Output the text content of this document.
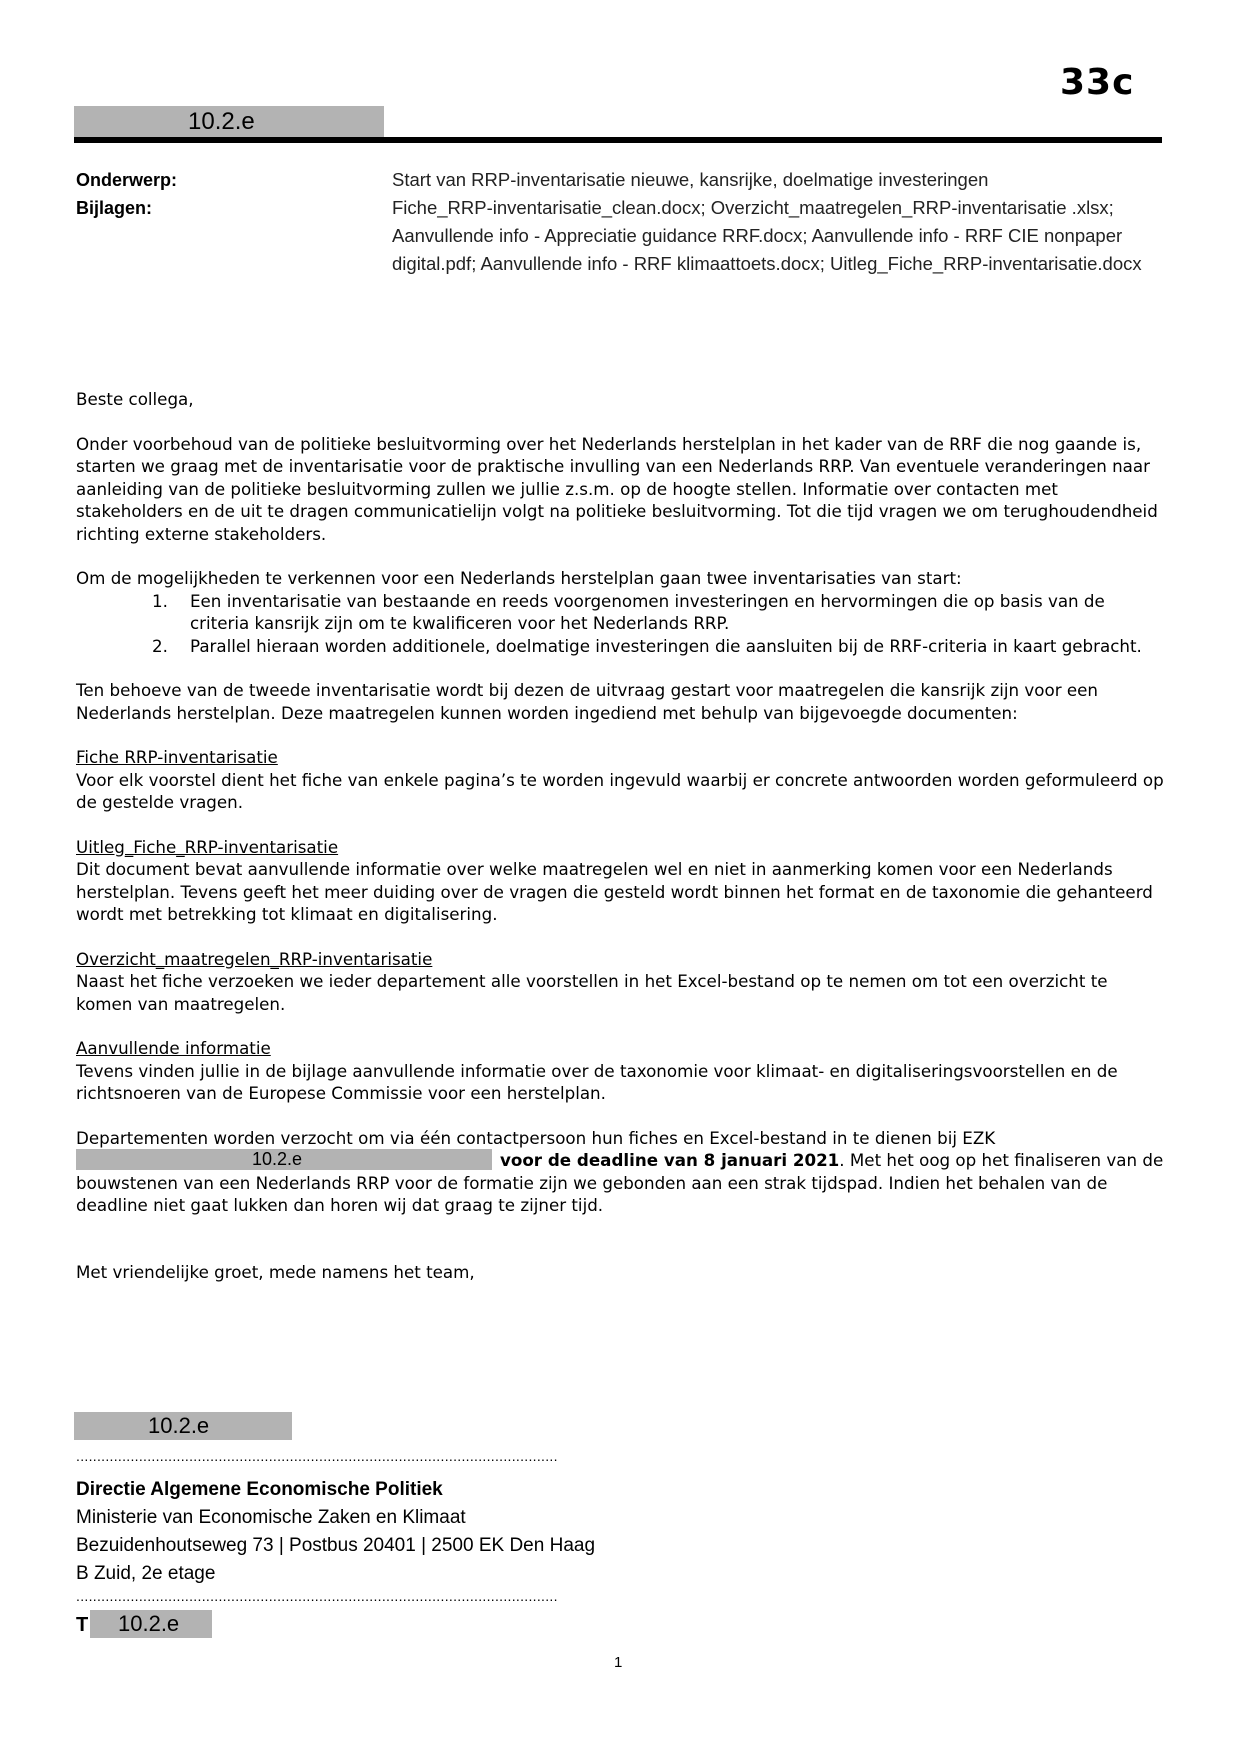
33c
10.2.e
Onderwerp:	Start van RRP-inventarisatie nieuwe, kansrijke, doelmatige investeringen
Bijlagen:	Fiche_RRP-inventarisatie_clean.docx; Overzicht_maatregelen_RRP-inventarisatie .xlsx; Aanvullende info - Appreciatie guidance RRF.docx; Aanvullende info - RRF CIE nonpaper digital.pdf; Aanvullende info - RRF klimaattoets.docx; Uitleg_Fiche_RRP-inventarisatie.docx

Beste collega,

Onder voorbehoud van de politieke besluitvorming over het Nederlands herstelplan in het kader van de RRF die nog gaande is, starten we graag met de inventarisatie voor de praktische invulling van een Nederlands RRP. Van eventuele veranderingen naar aanleiding van de politieke besluitvorming zullen we jullie z.s.m. op de hoogte stellen. Informatie over contacten met stakeholders en de uit te dragen communicatielijn volgt na politieke besluitvorming. Tot die tijd vragen we om terughoudendheid richting externe stakeholders.

Om de mogelijkheden te verkennen voor een Nederlands herstelplan gaan twee inventarisaties van start:

1. Een inventarisatie van bestaande en reeds voorgenomen investeringen en hervormingen die op basis van de criteria kansrijk zijn om te kwalificeren voor het Nederlands RRP.
2. Parallel hieraan worden additionele, doelmatige investeringen die aansluiten bij de RRF-criteria in kaart gebracht.

Ten behoeve van de tweede inventarisatie wordt bij dezen de uitvraag gestart voor maatregelen die kansrijk zijn voor een Nederlands herstelplan. Deze maatregelen kunnen worden ingediend met behulp van bijgevoegde documenten:

Fiche RRP-inventarisatie

Voor elk voorstel dient het fiche van enkele pagina’s te worden ingevuld waarbij er concrete antwoorden worden geformuleerd op de gestelde vragen.

Uitleg_Fiche_RRP-inventarisatie

Dit document bevat aanvullende informatie over welke maatregelen wel en niet in aanmerking komen voor een Nederlands herstelplan. Tevens geeft het meer duiding over de vragen die gesteld wordt binnen het format en de taxonomie die gehanteerd wordt met betrekking tot klimaat en digitalisering.

Overzicht_maatregelen_RRP-inventarisatie

Naast het fiche verzoeken we ieder departement alle voorstellen in het Excel-bestand op te nemen om tot een overzicht te komen van maatregelen.

Aanvullende informatie

Tevens vinden jullie in de bijlage aanvullende informatie over de taxonomie voor klimaat- en digitaliseringsvoorstellen en de richtsnoeren van de Europese Commissie voor een herstelplan.

Departementen worden verzocht om via één contactpersoon hun fiches en Excel-bestand in te dienen bij EZK 10.2.e	voor de deadline van 8 januari 2021. Met het oog op het finaliseren van de bouwstenen van een Nederlands RRP voor de formatie zijn we gebonden aan een strak tijdspad. Indien het behalen van de deadline niet gaat lukken dan horen wij dat graag te zijner tijd.

Met vriendelijke groet, mede namens het team,

10.2.e
...................................................................................................................
Directie Algemene Economische Politiek
Ministerie van Economische Zaken en Klimaat
Bezuidenhoutseweg 73 | Postbus 20401 | 2500 EK Den Haag
B Zuid, 2e etage
...................................................................................................................
T	10.2.e
1
